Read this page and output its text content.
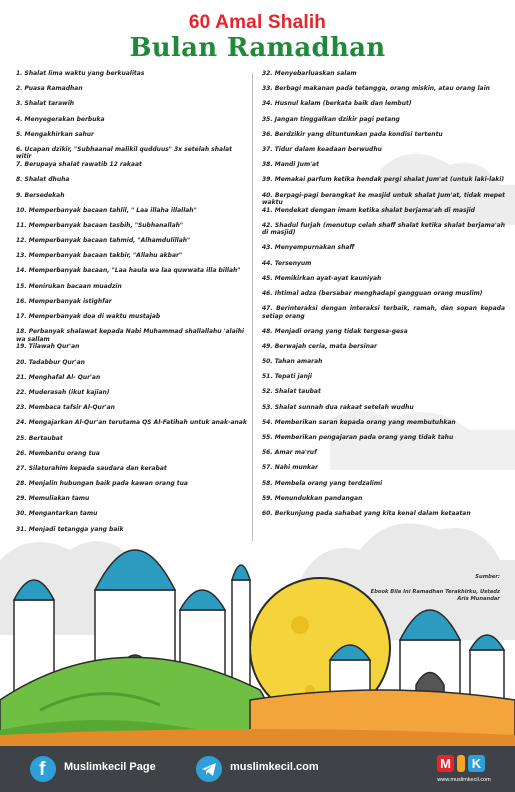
60 Amal Shalih
Bulan Ramadhan
1. Shalat lima waktu yang berkualitas
2. Puasa Ramadhan
3. Shalat tarawih
4. Menyegerakan berbuka
5. Mengakhirkan sahur
6. Ucapan dzikir, "Subhaanal malikil qudduus" 3x setelah shalat witir
7. Berupaya shalat rawatib 12 rakaat
8. Shalat dhuha
9. Bersedekah
10. Memperbanyak bacaan tahlil, " Laa illaha illallah"
11. Memperbanyak bacaan tasbih, "Subhanallah"
12. Memperbanyak bacaan tahmid, "Alhamdulillah"
13. Memperbanyak bacaan takbir, "Allahu akbar"
14. Memperbanyak bacaan, "Laa haula wa laa quwwata illa billah"
15. Menirukan bacaan muadzin
16. Memperbanyak istighfar
17. Memperbanyak doa di waktu mustajab
18. Perbanyak shalawat kepada Nabi Muhammad shallallahu 'alaihi wa sallam
19. Tilawah Qur'an
20. Tadabbur Qur'an
21. Menghafal Al- Qur'an
22. Muderasah (ikut kajian)
23. Membaca tafsir Al-Qur'an
24. Mengajarkan Al-Qur'an terutama QS Al-Fatihah untuk anak-anak
25. Bertaubat
26. Membantu orang tua
27. Silaturahim kepada saudara dan kerabat
28. Menjalin hubungan baik pada kawan orang tua
29. Memuliakan tamu
30. Mengantarkan tamu
31. Menjadi tetangga yang baik
32. Menyebarluaskan salam
33. Berbagi makanan pada tetangga, orang miskin, atau orang lain
34. Husnul kalam (berkata baik dan lembut)
35. Jangan tinggalkan dzikir pagi petang
36. Berdzikir yang dituntunkan pada kondisi tertentu
37. Tidur dalam keadaan berwudhu
38. Mandi Jum'at
39. Memakai parfum ketika hendak pergi shalat Jum'at (untuk laki-laki)
40. Berpagi-pagi berangkat ke masjid untuk shalat Jum'at, tidak mepet waktu
41. Mendekat dengan imam ketika shalat berjama'ah di masjid
42. Shadul furjah (menutup celah shaff shalat ketika shalat berjama'ah di masjid)
43. Menyempurnakan shaff
44. Tersenyum
45. Memikirkan ayat-ayat kauniyah
46. Ihtimal adza (bersabar menghadapi gangguan orang muslim)
47. Berinteraksi dengan interaksi terbaik, ramah, dan sopan kepada setiap orang
48. Menjadi orang yang tidak tergesa-gesa
49. Berwajah ceria, mata bersinar
50. Tahan amarah
51. Tepati janji
52. Shalat taubat
53. Shalat sunnah dua rakaat setelah wudhu
54. Memberikan saran kepada orang yang membutuhkan
55. Memberikan pengajaran pada orang yang tidak tahu
56. Amar ma'ruf
57. Nahi munkar
58. Membela orang yang terdzalimi
59. Menundukkan pandangan
60. Berkunjung pada sahabat yang kita kenal dalam ketaatan
Sumber:
Ebook Bila Ini Ramadhan Terakhirku, Ustadz
Aris Munandar
f Muslimkecil Page	muslimkecil.com	M K
www.muslimkecil.com
